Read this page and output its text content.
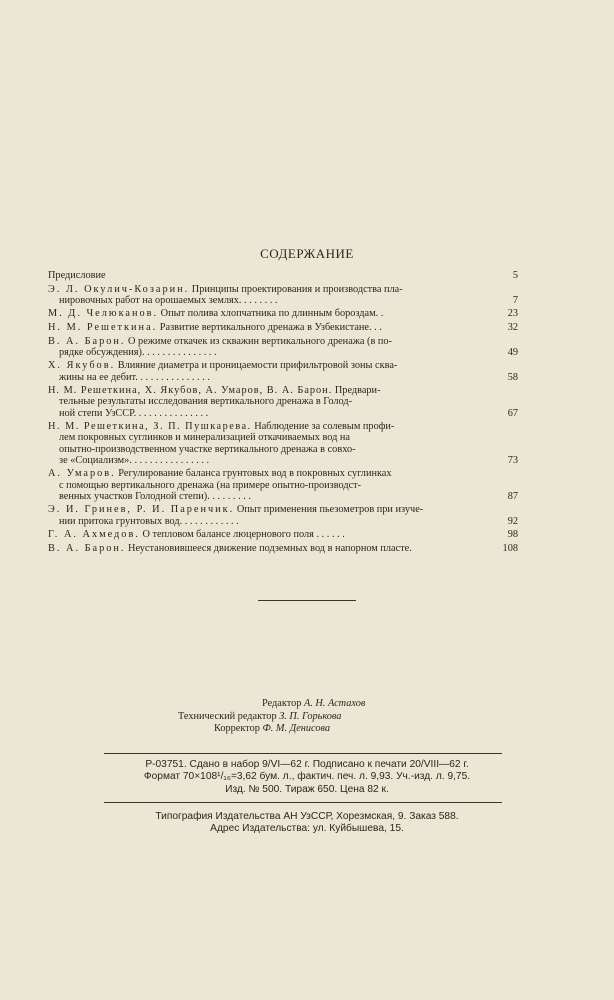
СОДЕРЖАНИЕ
Предисловие	5
Э. Л. Окулич-Козарин. Принципы проектирования и производства пла-
нировочных работ на орошаемых землях. . . . . . . .	7
М. Д. Челюканов. Опыт полива хлопчатника по длинным бороздам. .	23
Н. М. Решеткина. Развитие вертикального дренажа в Узбекистане. . .	32
В. А. Барон. О режиме откачек из скважин вертикального дренажа (в по-
рядке обсуждения). . . . . . . . . . . . . . .	49
Х. Якубов. Влияние диаметра и проницаемости прифильтровой зоны сква-
жины на ее дебит. . . . . . . . . . . . . . .	58
Н. М. Решеткина, Х. Якубов, А. Умаров, В. А. Барон. Предвари-
тельные результаты исследования вертикального дренажа в Голод-
ной степи УзССР. . . . . . . . . . . . . . .	67
Н. М. Решеткина, З. П. Пушкарева. Наблюдение за солевым профи-
лем покровных суглинков и минерализацией откачиваемых вод на
опытно-производственном участке вертикального дренажа в совхо-
зе «Социализм». . . . . . . . . . . . . . . .	73
А. Умаров. Регулирование баланса грунтовых вод в покровных суглинках
с помощью вертикального дренажа (на примере опытно-производст-
венных участков Голодной степи). . . . . . . . .	87
Э. И. Гринев, Р. И. Паренчик. Опыт применения пьезометров при изуче-
нии притока грунтовых вод. . . . . . . . . . . .	92
Г. А. Ахмедов. О тепловом балансе люцернового поля . . . . . .	98
В. А. Барон. Неустановившееся движение подземных вод в напорном пласте.	108
Редактор А. Н. Астахов
Технический редактор З. П. Горькова
Корректор Ф. М. Денисова
Р-03751. Сдано в набор 9/VI—62 г. Подписано к печати 20/VIII—62 г.
Формат 70×108¹/₁₆=3,62 бум. л., фактич. печ. л. 9,93. Уч.-изд. л. 9,75.
Изд. № 500. Тираж 650. Цена 82 к.
Типография Издательства АН УзССР, Хорезмская, 9. Заказ 588.
Адрес Издательства: ул. Куйбышева, 15.
